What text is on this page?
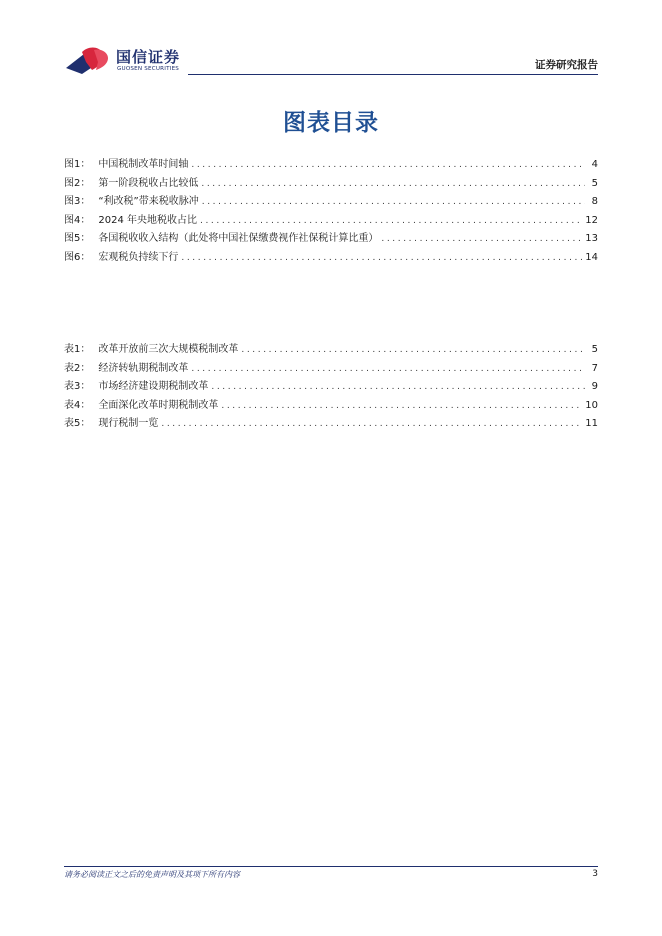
国信证券
GUOSEN SECURITIES	证券研究报告
图表目录
图1： 中国税制改革时间轴 .....	4
图2： 第一阶段税收占比较低 .....	5
图3： “利改税”带来税收脉冲 .....	8
图4： 2024 年央地税收占比 .....	12
图5： 各国税收收入结构（此处将中国社保缴费视作社保税计算比重） .....	13
图6： 宏观税负持续下行 .....	14
表1： 改革开放前三次大规模税制改革 .....	5
表2： 经济转轨期税制改革 .....	7
表3： 市场经济建设期税制改革 .....	9
表4： 全面深化改革时期税制改革 .....	10
表5： 现行税制一览 .....	11
请务必阅读正文之后的免责声明及其项下所有内容	3
